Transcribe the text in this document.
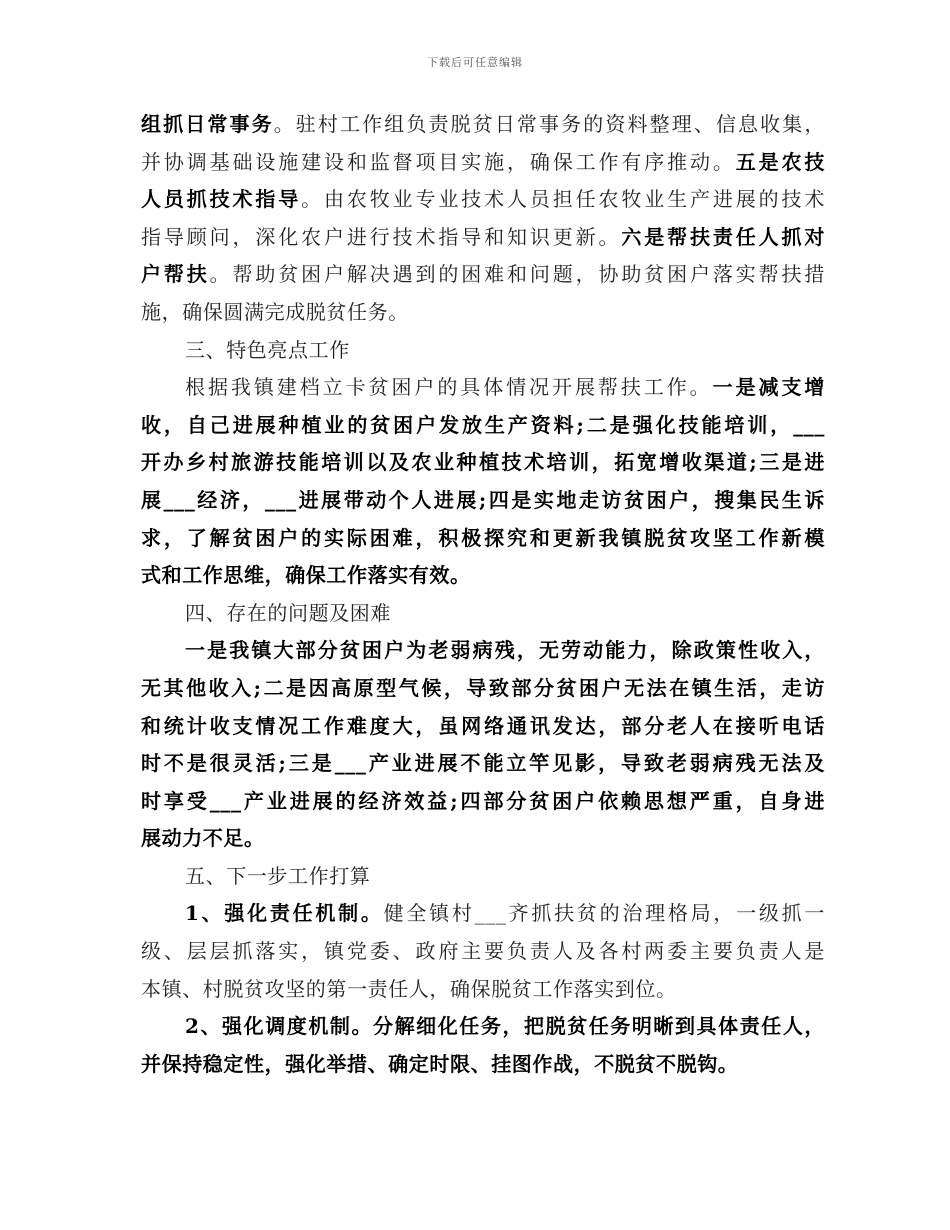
下载后可任意编辑
组抓日常事务。驻村工作组负责脱贫日常事务的资料整理、信息收集，
并协调基础设施建设和监督项目实施，确保工作有序推动。五是农技
人员抓技术指导。由农牧业专业技术人员担任农牧业生产进展的技术
指导顾问，深化农户进行技术指导和知识更新。六是帮扶责任人抓对
户帮扶。帮助贫困户解决遇到的困难和问题，协助贫困户落实帮扶措
施，确保圆满完成脱贫任务。
三、特色亮点工作
根据我镇建档立卡贫困户的具体情况开展帮扶工作。一是减支增
收，自己进展种植业的贫困户发放生产资料;二是强化技能培训，___
开办乡村旅游技能培训以及农业种植技术培训，拓宽增收渠道;三是进
展___经济，___进展带动个人进展;四是实地走访贫困户，搜集民生诉
求，了解贫困户的实际困难，积极探究和更新我镇脱贫攻坚工作新模
式和工作思维，确保工作落实有效。
四、存在的问题及困难
一是我镇大部分贫困户为老弱病残，无劳动能力，除政策性收入，
无其他收入;二是因高原型气候，导致部分贫困户无法在镇生活，走访
和统计收支情况工作难度大，虽网络通讯发达，部分老人在接听电话
时不是很灵活;三是___产业进展不能立竿见影，导致老弱病残无法及
时享受___产业进展的经济效益;四部分贫困户依赖思想严重，自身进
展动力不足。
五、下一步工作打算
1、强化责任机制。健全镇村___齐抓扶贫的治理格局，一级抓一
级、层层抓落实，镇党委、政府主要负责人及各村两委主要负责人是
本镇、村脱贫攻坚的第一责任人，确保脱贫工作落实到位。
2、强化调度机制。分解细化任务，把脱贫任务明晰到具体责任人，
并保持稳定性，强化举措、确定时限、挂图作战，不脱贫不脱钩。
